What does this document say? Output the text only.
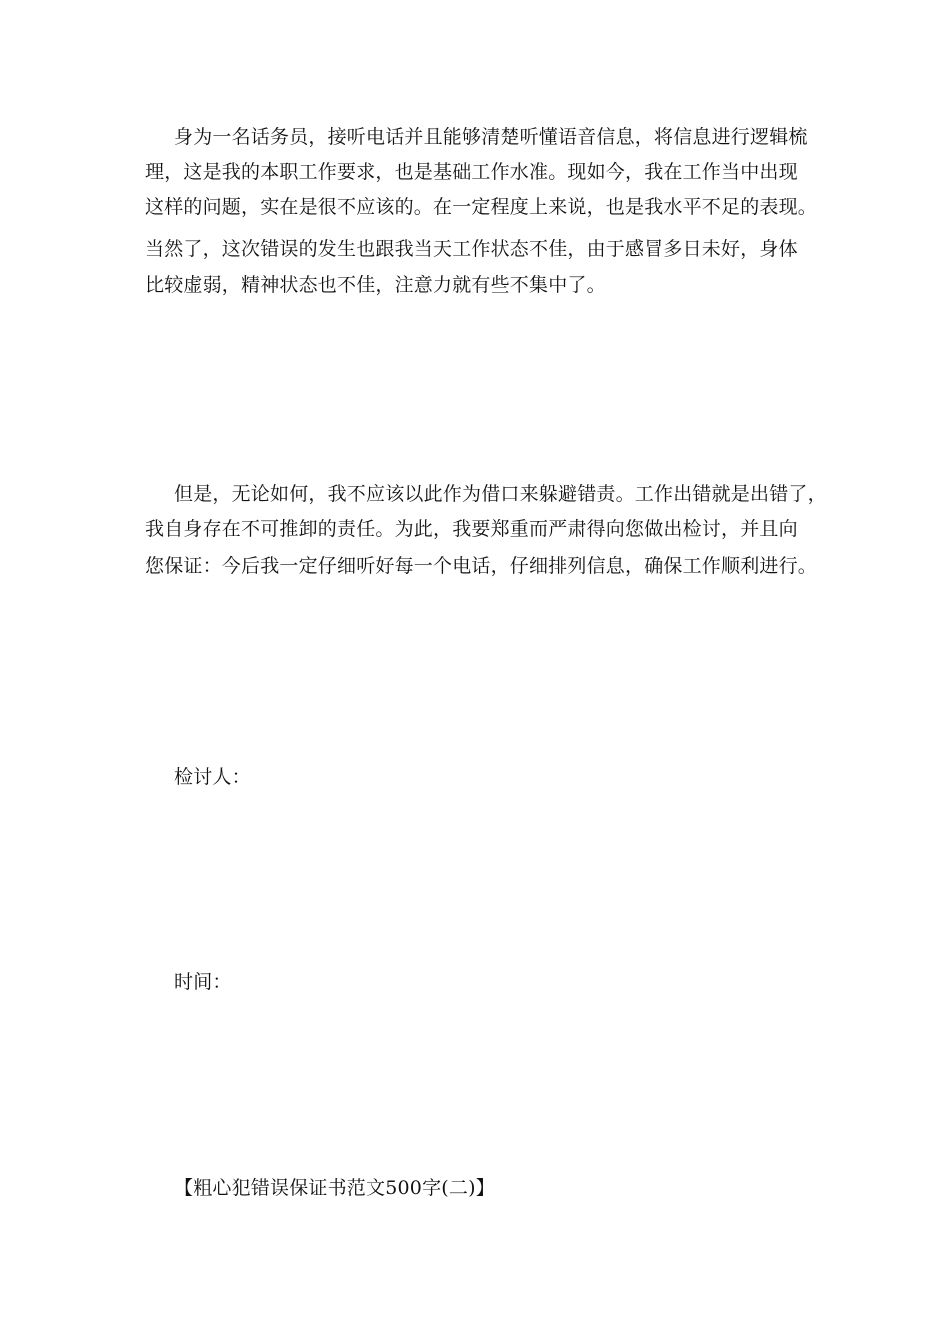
身为一名话务员，接听电话并且能够清楚听懂语音信息，将信息进行逻辑梳
理，这是我的本职工作要求，也是基础工作水准。现如今，我在工作当中出现
这样的问题，实在是很不应该的。在一定程度上来说，也是我水平不足的表现。
当然了，这次错误的发生也跟我当天工作状态不佳，由于感冒多日未好，身体
比较虚弱，精神状态也不佳，注意力就有些不集中了。
但是，无论如何，我不应该以此作为借口来躲避错责。工作出错就是出错了，
我自身存在不可推卸的责任。为此，我要郑重而严肃得向您做出检讨，并且向
您保证：今后我一定仔细听好每一个电话，仔细排列信息，确保工作顺利进行。
检讨人：
时间：
【粗心犯错误保证书范文500字(二)】
